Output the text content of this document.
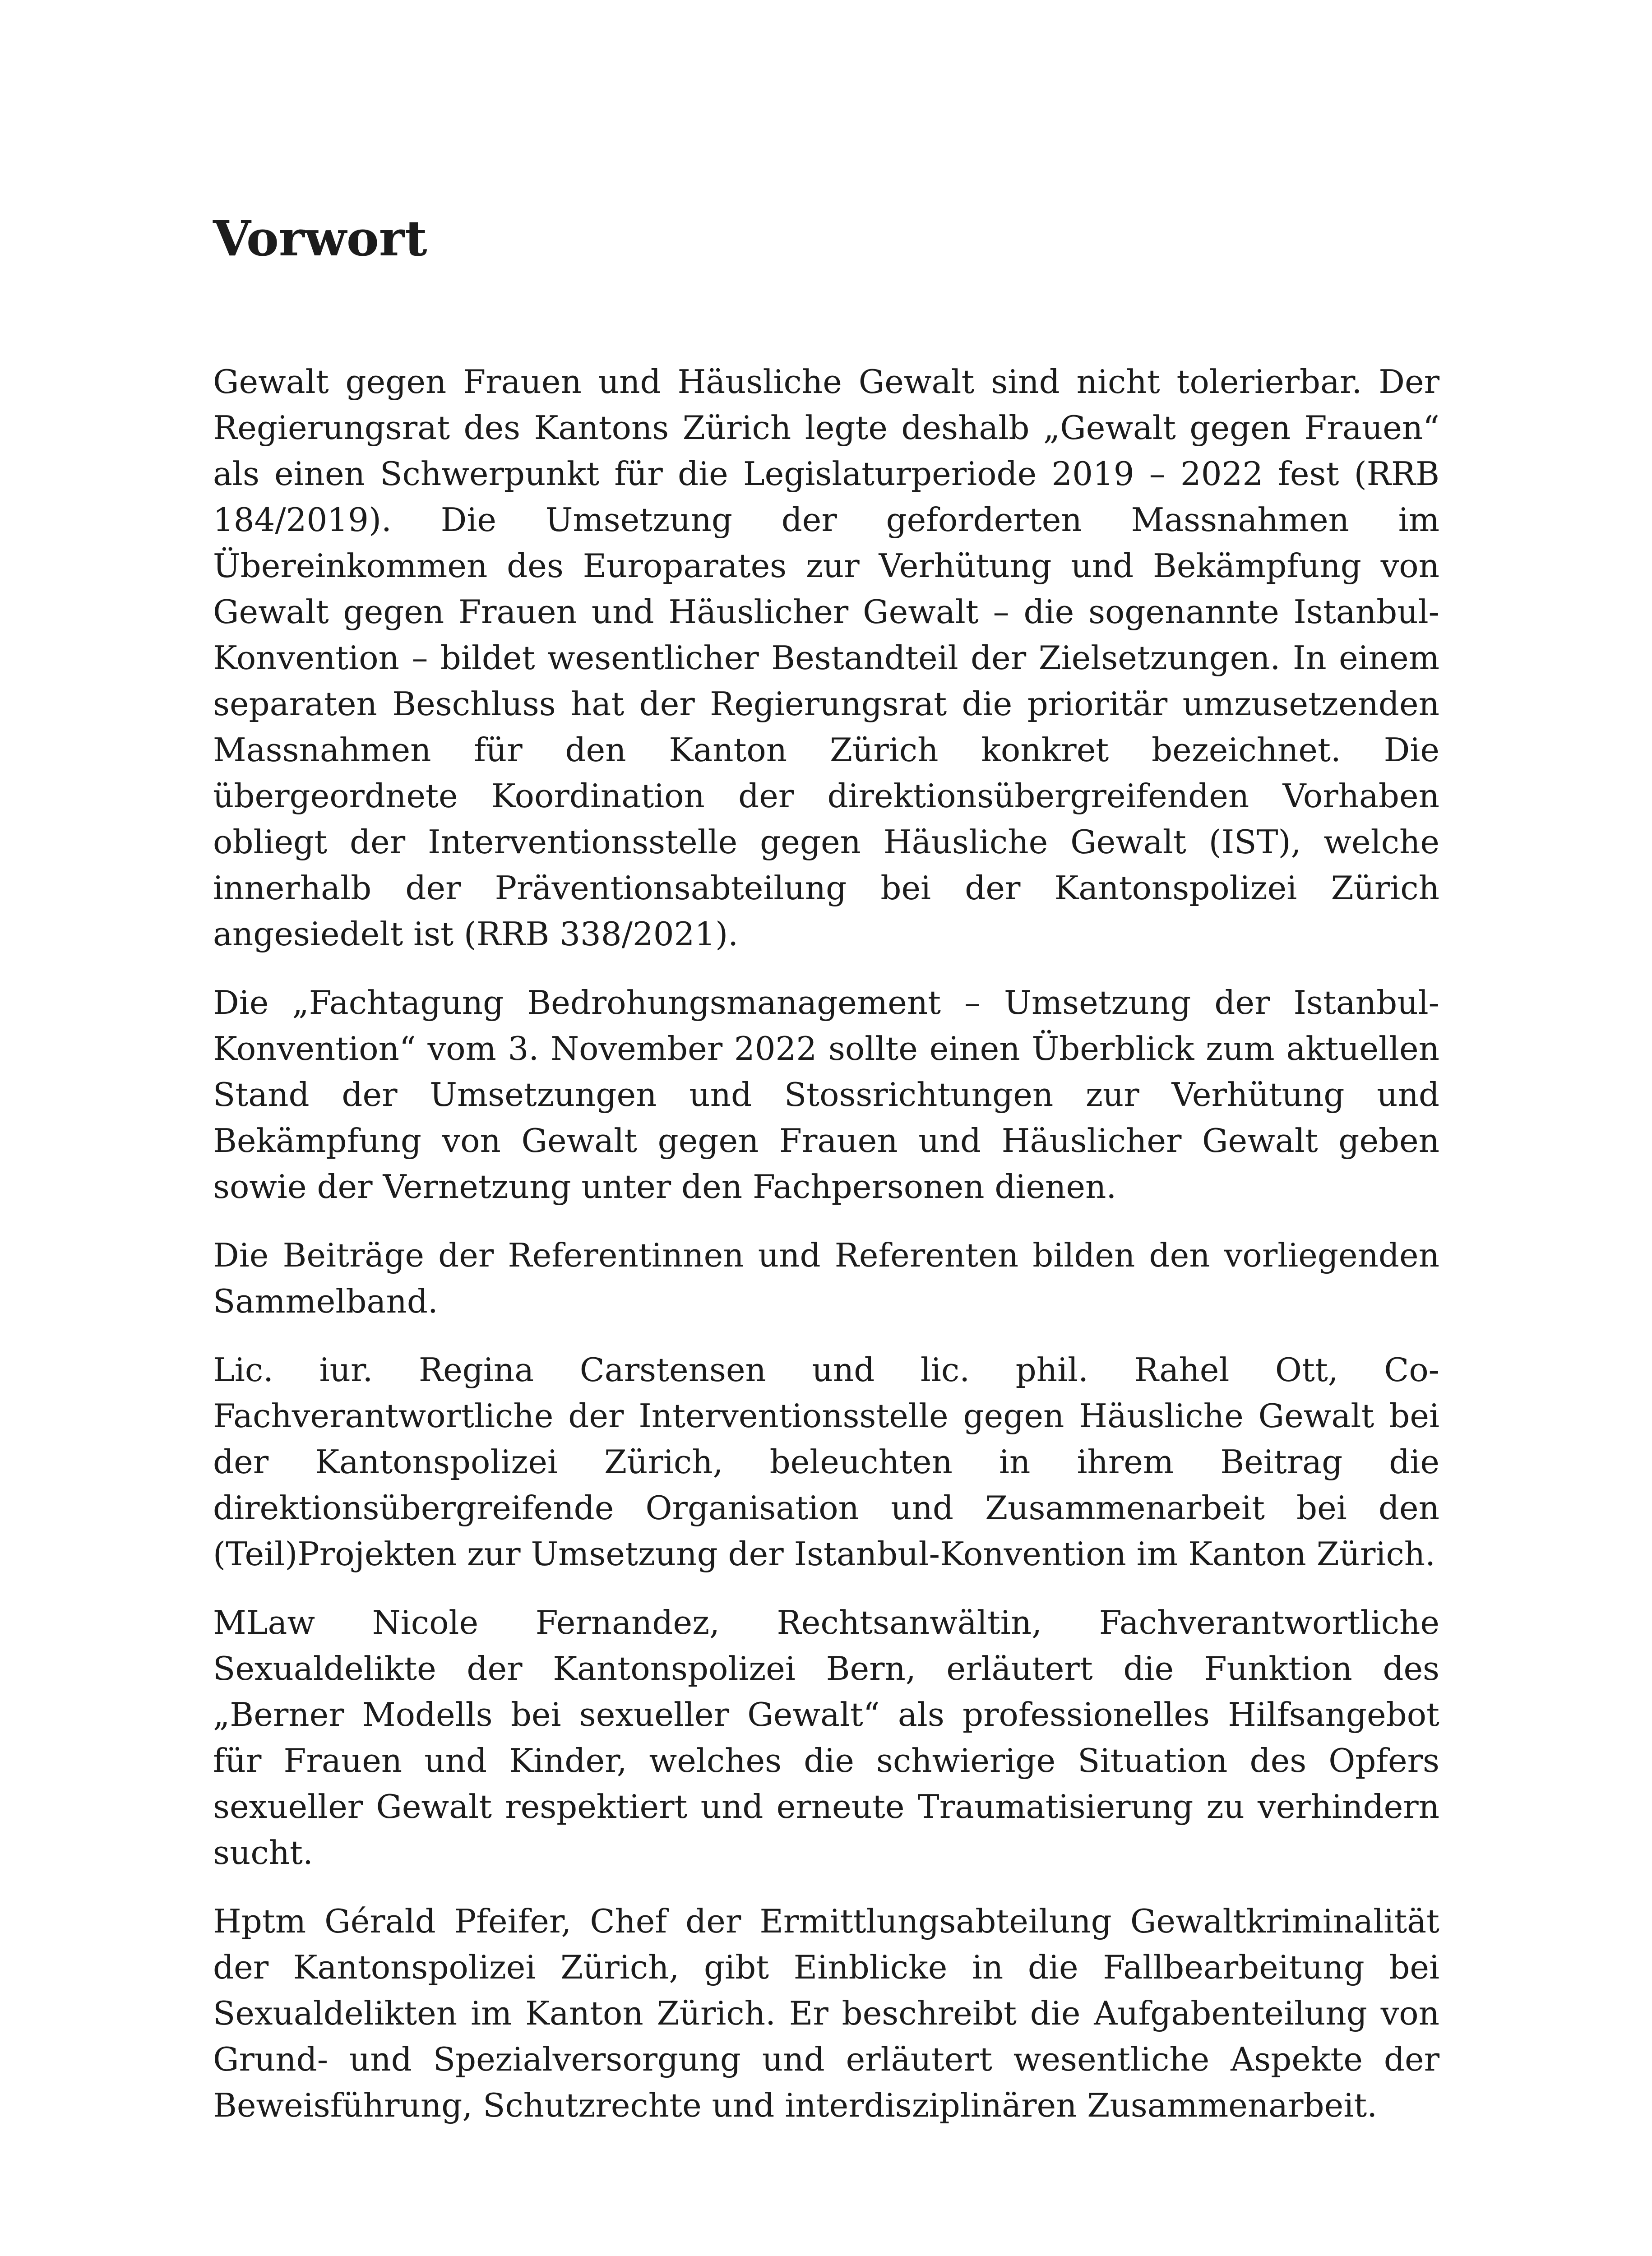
Vorwort

Gewalt gegen Frauen und Häusliche Gewalt sind nicht tolerierbar. Der Regierungsrat des Kantons Zürich legte deshalb „Gewalt gegen Frauen“ als einen Schwerpunkt für die Legislaturperiode 2019 – 2022 fest (RRB 184/2019). Die Umsetzung der geforderten Massnahmen im Übereinkommen des Europarates zur Verhütung und Bekämpfung von Gewalt gegen Frauen und Häuslicher Gewalt – die sogenannte Istanbul-Konvention – bildet wesentlicher Bestandteil der Zielsetzungen. In einem separaten Beschluss hat der Regierungsrat die prioritär umzusetzenden Massnahmen für den Kanton Zürich konkret bezeichnet. Die übergeordnete Koordination der direktionsübergreifenden Vorhaben obliegt der Interventionsstelle gegen Häusliche Gewalt (IST), welche innerhalb der Präventionsabteilung bei der Kantonspolizei Zürich angesiedelt ist (RRB 338/2021).

Die „Fachtagung Bedrohungsmanagement – Umsetzung der Istanbul-Konvention“ vom 3. November 2022 sollte einen Überblick zum aktuellen Stand der Umsetzungen und Stossrichtungen zur Verhütung und Bekämpfung von Gewalt gegen Frauen und Häuslicher Gewalt geben sowie der Vernetzung unter den Fachpersonen dienen.

Die Beiträge der Referentinnen und Referenten bilden den vorliegenden Sammelband.

Lic. iur. Regina Carstensen und lic. phil. Rahel Ott, Co-Fachverantwortliche der Interventionsstelle gegen Häusliche Gewalt bei der Kantonspolizei Zürich, beleuchten in ihrem Beitrag die direktionsübergreifende Organisation und Zusammenarbeit bei den (Teil)Projekten zur Umsetzung der Istanbul-Konvention im Kanton Zürich.

MLaw Nicole Fernandez, Rechtsanwältin, Fachverantwortliche Sexualdelikte der Kantonspolizei Bern, erläutert die Funktion des „Berner Modells bei sexueller Gewalt“ als professionelles Hilfsangebot für Frauen und Kinder, welches die schwierige Situation des Opfers sexueller Gewalt respektiert und erneute Traumatisierung zu verhindern sucht.

Hptm Gérald Pfeifer, Chef der Ermittlungsabteilung Gewaltkriminalität der Kantonspolizei Zürich, gibt Einblicke in die Fallbearbeitung bei Sexualdelikten im Kanton Zürich. Er beschreibt die Aufgabenteilung von Grund- und Spezialversorgung und erläutert wesentliche Aspekte der Beweisführung, Schutzrechte und interdisziplinären Zusammenarbeit.
